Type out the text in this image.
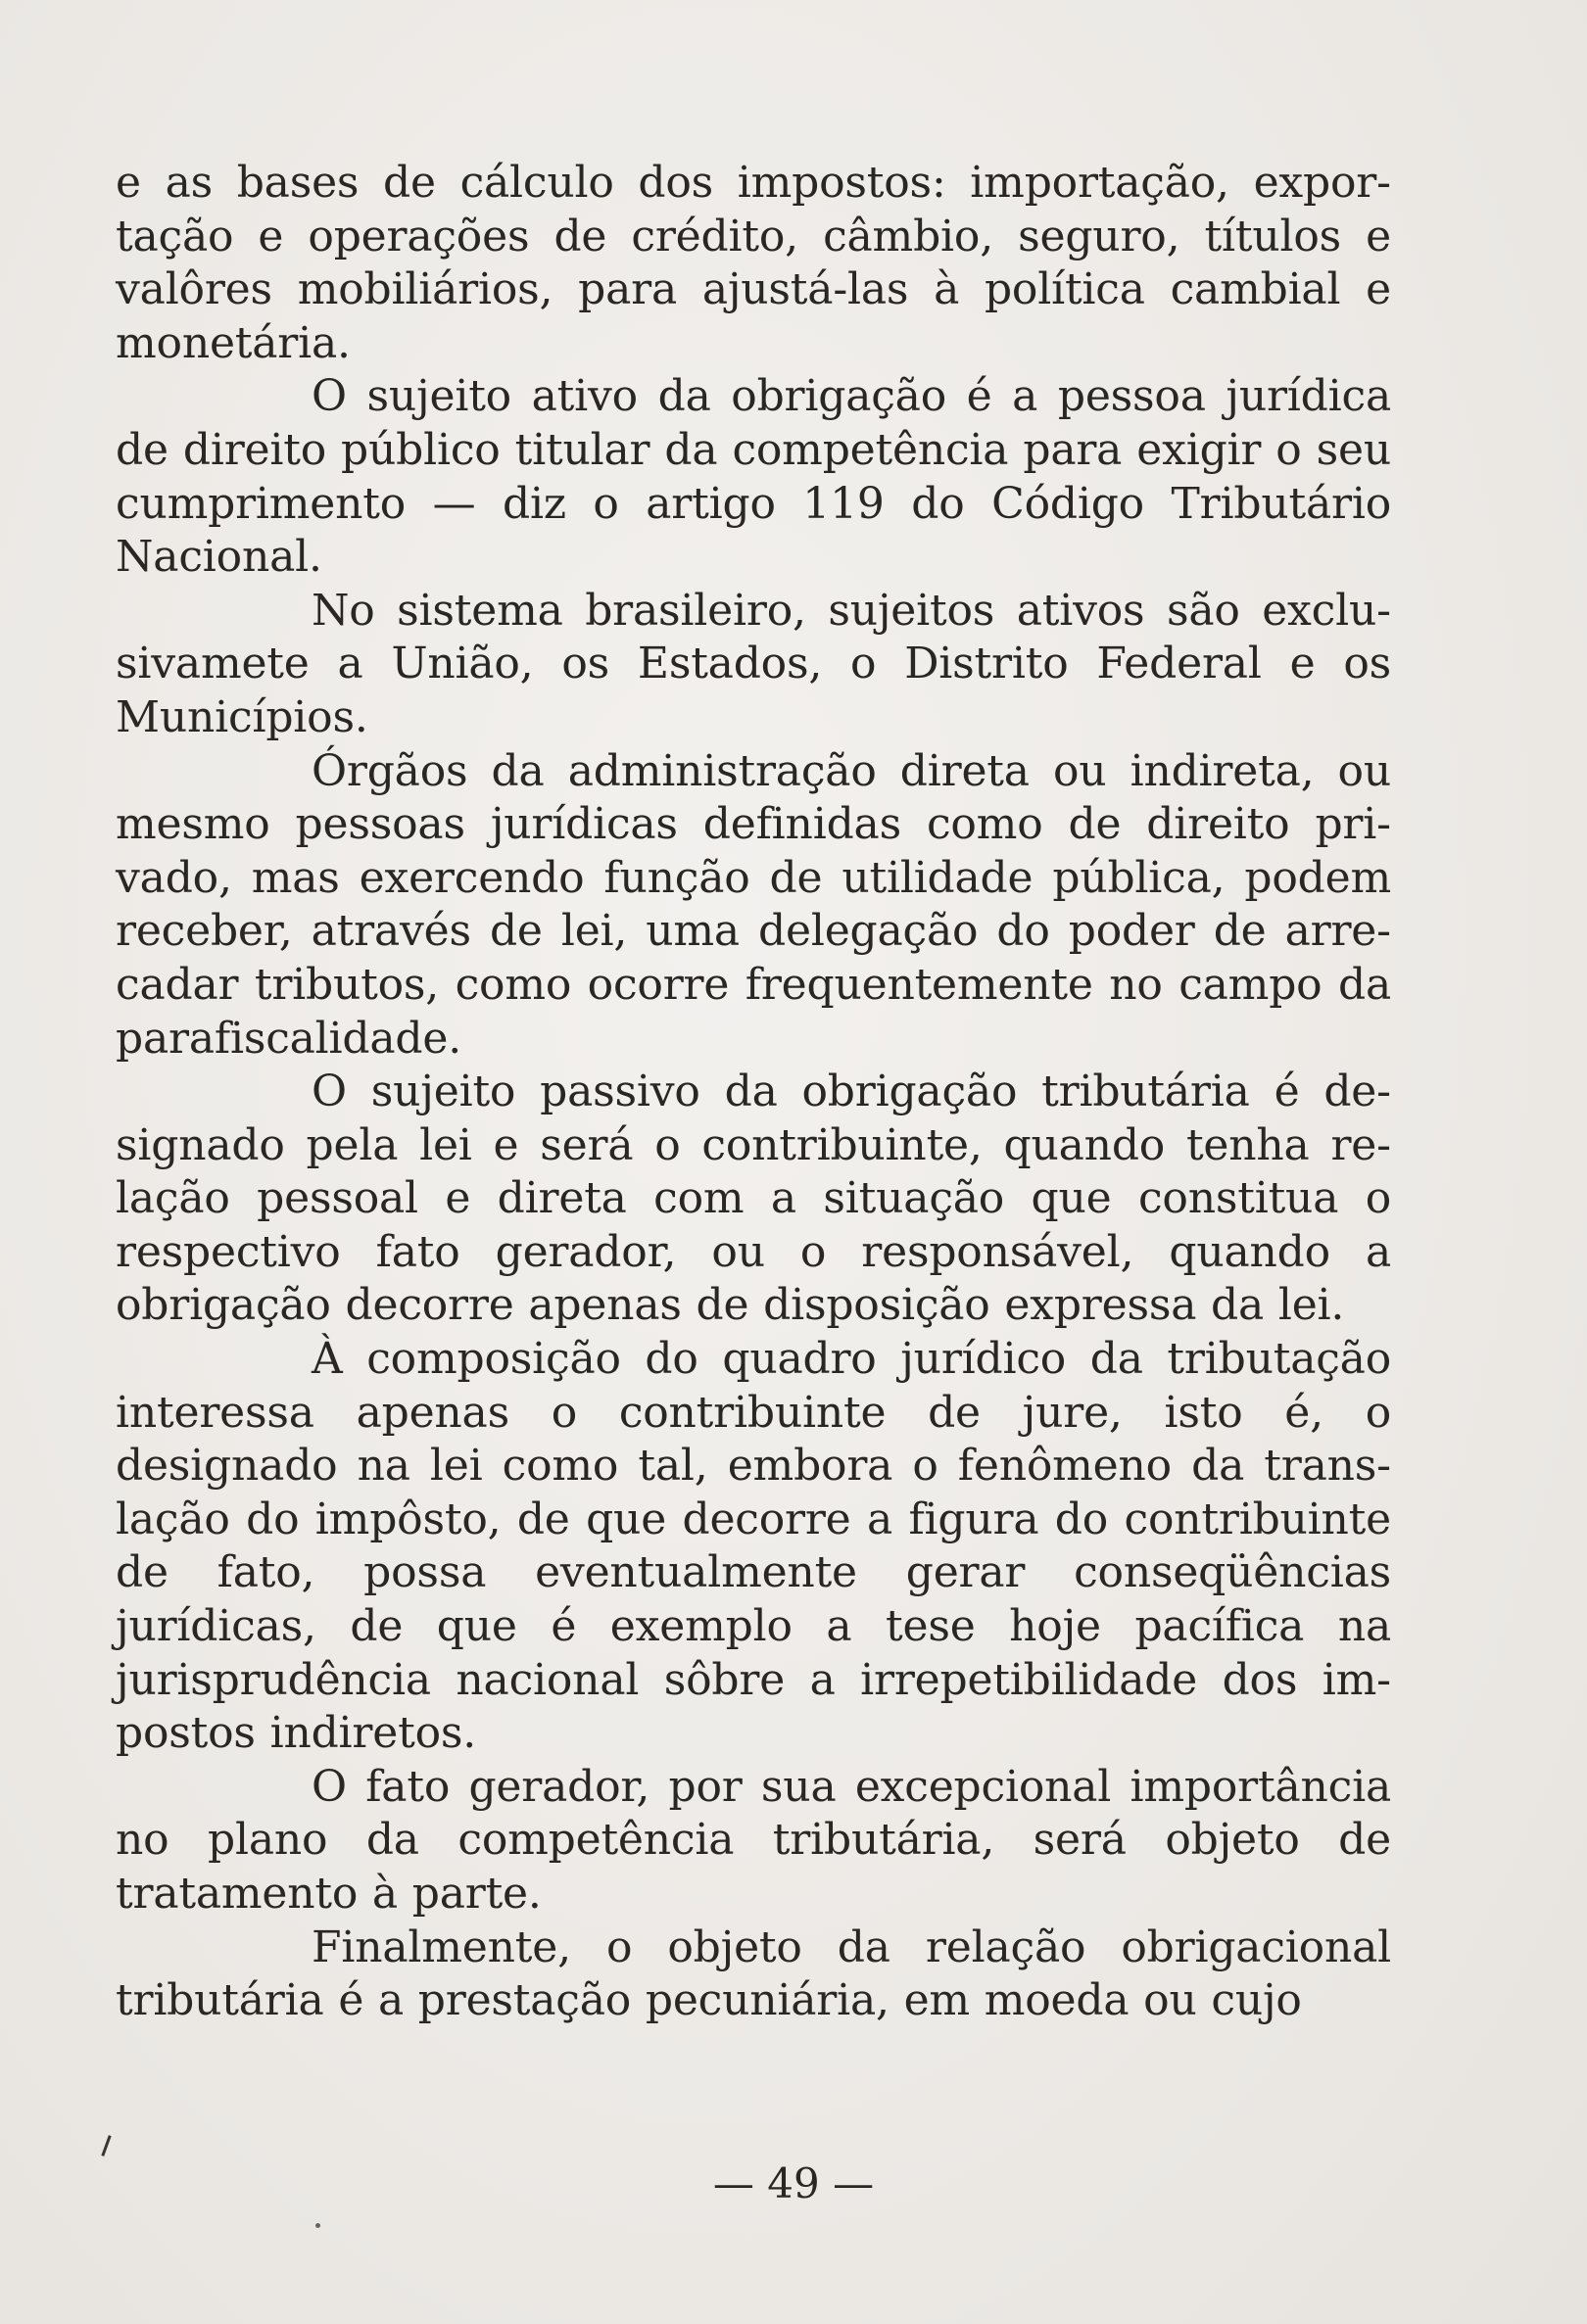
e as bases de cálculo dos impostos: importação, exportação e operações de crédito, câmbio, seguro, títulos e valôres mobiliários, para ajustá-las à política cambial e monetária.

O sujeito ativo da obrigação é a pessoa jurídica de direito público titular da competência para exigir o seu cumprimento — diz o artigo 119 do Código Tributário Nacional.

No sistema brasileiro, sujeitos ativos são exclusivamete a União, os Estados, o Distrito Federal e os Municípios.

Órgãos da administração direta ou indireta, ou mesmo pessoas jurídicas definidas como de direito privado, mas exercendo função de utilidade pública, podem receber, através de lei, uma delegação do poder de arrecadar tributos, como ocorre frequentemente no campo da parafiscalidade.

O sujeito passivo da obrigação tributária é designado pela lei e será o contribuinte, quando tenha relação pessoal e direta com a situação que constitua o respectivo fato gerador, ou o responsável, quando a obrigação decorre apenas de disposição expressa da lei.

À composição do quadro jurídico da tributação interessa apenas o contribuinte de jure, isto é, o designado na lei como tal, embora o fenômeno da translação do impôsto, de que decorre a figura do contribuinte de fato, possa eventualmente gerar conseqüências jurídicas, de que é exemplo a tese hoje pacífica na jurisprudência nacional sôbre a irrepetibilidade dos impostos indiretos.

O fato gerador, por sua excepcional importância no plano da competência tributária, será objeto de tratamento à parte.

Finalmente, o objeto da relação obrigacional tributária é a prestação pecuniária, em moeda ou cujo

— 49 —
